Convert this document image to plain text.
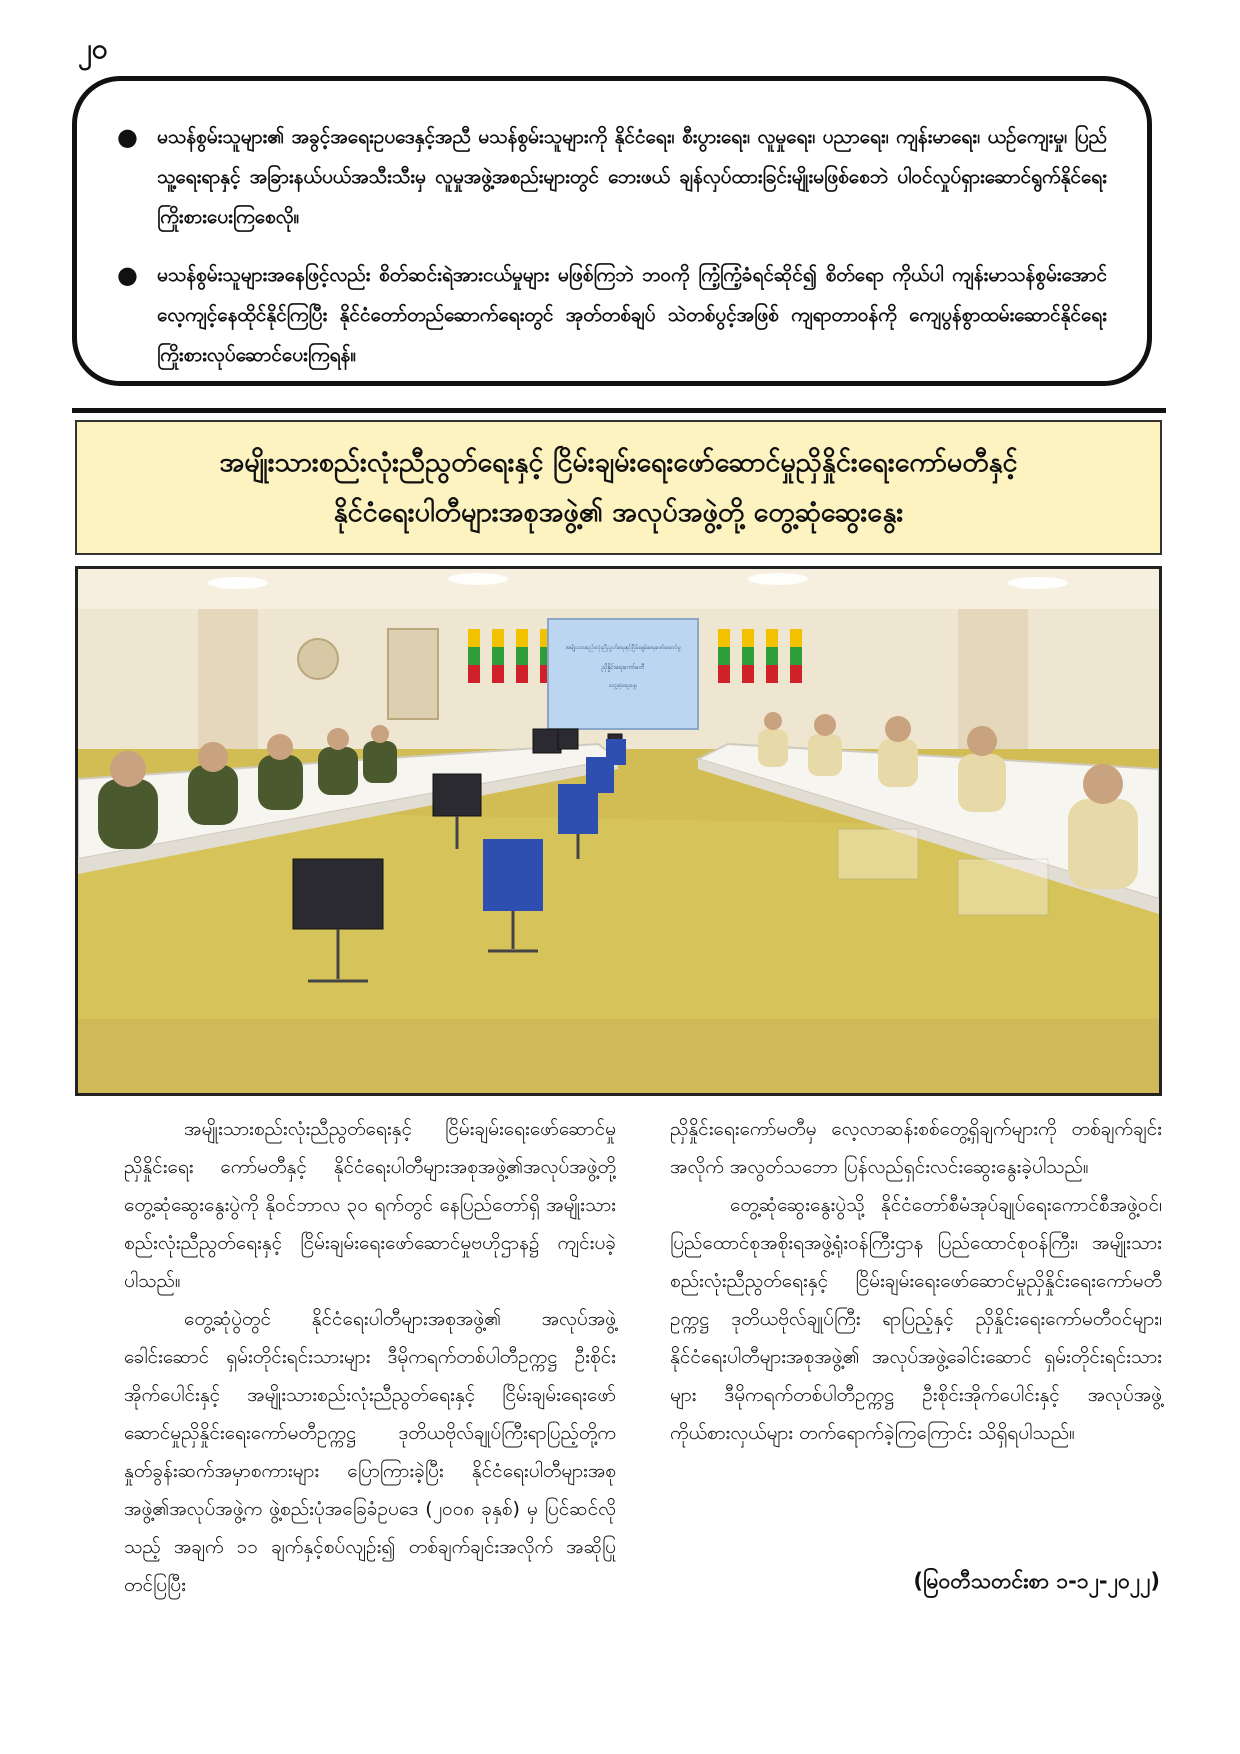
၂၀
●	မသန်စွမ်းသူများ၏ အခွင့်အရေးဥပဒေနှင့်အညီ မသန်စွမ်းသူများကို နိုင်ငံရေး၊ စီးပွားရေး၊ လူမှုရေး၊ ပညာရေး၊ ကျန်းမာရေး၊ ယဉ်ကျေးမှု၊ ပြည်သူ့ရေးရာနှင့် အခြားနယ်ပယ်အသီးသီးမှ လူမှုအဖွဲ့အစည်းများတွင် ဘေးဖယ် ချန်လှပ်ထားခြင်းမျိုးမဖြစ်စေဘဲ ပါဝင်လှုပ်ရှားဆောင်ရွက်နိုင်ရေး ကြိုးစားပေးကြစေလို။
●	မသန်စွမ်းသူများအနေဖြင့်လည်း စိတ်ဆင်းရဲအားငယ်မှုများ မဖြစ်ကြဘဲ ဘဝကို ကြံ့ကြံ့ခံရင်ဆိုင်၍ စိတ်ရော ကိုယ်ပါ ကျန်းမာသန်စွမ်းအောင် လေ့ကျင့်နေထိုင်နိုင်ကြပြီး နိုင်ငံတော်တည်ဆောက်ရေးတွင် အုတ်တစ်ချပ် သဲတစ်ပွင့်အဖြစ် ကျရာတာဝန်ကို ကျေပွန်စွာထမ်းဆောင်နိုင်ရေး ကြိုးစားလုပ်ဆောင်ပေးကြရန်။
အမျိုးသားစည်းလုံးညီညွတ်ရေးနှင့် ငြိမ်းချမ်းရေးဖော်ဆောင်မှုညှိနှိုင်းရေးကော်မတီနှင့်
နိုင်ငံရေးပါတီများအစုအဖွဲ့၏ အလုပ်အဖွဲ့တို့ တွေ့ဆုံဆွေးနွေး
အမျိုးသားစည်းလုံးညီညွတ်ရေးနှင့်ငြိမ်းချမ်းရေးဖော်ဆောင်မှု
ညှိနှိုင်းရေးကော်မတီ
တွေ့ဆုံဆွေးနွေး

အမျိုးသားစည်းလုံးညီညွတ်ရေးနှင့် ငြိမ်းချမ်းရေးဖော်ဆောင်မှုညှိနှိုင်းရေး ကော်မတီနှင့် နိုင်ငံရေးပါတီများအစုအဖွဲ့၏အလုပ်အဖွဲ့တို့ တွေ့ဆုံဆွေးနွေးပွဲကို နိုဝင်ဘာလ ၃၀ ရက်တွင် နေပြည်တော်ရှိ အမျိုးသားစည်းလုံးညီညွတ်ရေးနှင့် ငြိမ်းချမ်းရေးဖော်ဆောင်မှုဗဟိုဌာန၌ ကျင်းပခဲ့ပါသည်။

တွေ့ဆုံပွဲတွင် နိုင်ငံရေးပါတီများအစုအဖွဲ့၏ အလုပ်အဖွဲ့ခေါင်းဆောင် ရှမ်းတိုင်းရင်းသားများ ဒီမိုကရက်တစ်ပါတီဥက္ကဋ္ဌ ဦးစိုင်းအိုက်ပေါင်းနှင့် အမျိုးသားစည်းလုံးညီညွတ်ရေးနှင့် ငြိမ်းချမ်းရေးဖော်ဆောင်မှုညှိနှိုင်းရေးကော်မတီဥက္ကဋ္ဌ ဒုတိယဗိုလ်ချုပ်ကြီးရာပြည့်တို့က နှုတ်ခွန်းဆက်အမှာစကားများ ပြောကြားခဲ့ပြီး နိုင်ငံရေးပါတီများအစုအဖွဲ့၏အလုပ်အဖွဲ့က ဖွဲ့စည်းပုံအခြေခံဥပဒေ (၂၀၀၈ ခုနှစ်) မှ ပြင်ဆင်လိုသည့် အချက် ၁၁ ချက်နှင့်စပ်လျဉ်း၍ တစ်ချက်ချင်းအလိုက် အဆိုပြုတင်ပြပြီး

ညှိနှိုင်းရေးကော်မတီမှ လေ့လာဆန်းစစ်တွေ့ရှိချက်များကို တစ်ချက်ချင်းအလိုက် အလွတ်သဘော ပြန်လည်ရှင်းလင်းဆွေးနွေးခဲ့ပါသည်။

တွေ့ဆုံဆွေးနွေးပွဲသို့ နိုင်ငံတော်စီမံအုပ်ချုပ်ရေးကောင်စီအဖွဲ့ဝင်၊ ပြည်ထောင်စုအစိုးရအဖွဲ့ရုံးဝန်ကြီးဌာန ပြည်ထောင်စုဝန်ကြီး၊ အမျိုးသားစည်းလုံးညီညွတ်ရေးနှင့် ငြိမ်းချမ်းရေးဖော်ဆောင်မှုညှိနှိုင်းရေးကော်မတီဥက္ကဋ္ဌ ဒုတိယဗိုလ်ချုပ်ကြီး ရာပြည့်နှင့် ညှိနှိုင်းရေးကော်မတီဝင်များ၊ နိုင်ငံရေးပါတီများအစုအဖွဲ့၏ အလုပ်အဖွဲ့ခေါင်းဆောင် ရှမ်းတိုင်းရင်းသားများ ဒီမိုကရက်တစ်ပါတီဥက္ကဋ္ဌ ဦးစိုင်းအိုက်ပေါင်းနှင့် အလုပ်အဖွဲ့ ကိုယ်စားလှယ်များ တက်ရောက်ခဲ့ကြကြောင်း သိရှိရပါသည်။

(မြဝတီသတင်းစာ ၁-၁၂-၂၀၂၂)
